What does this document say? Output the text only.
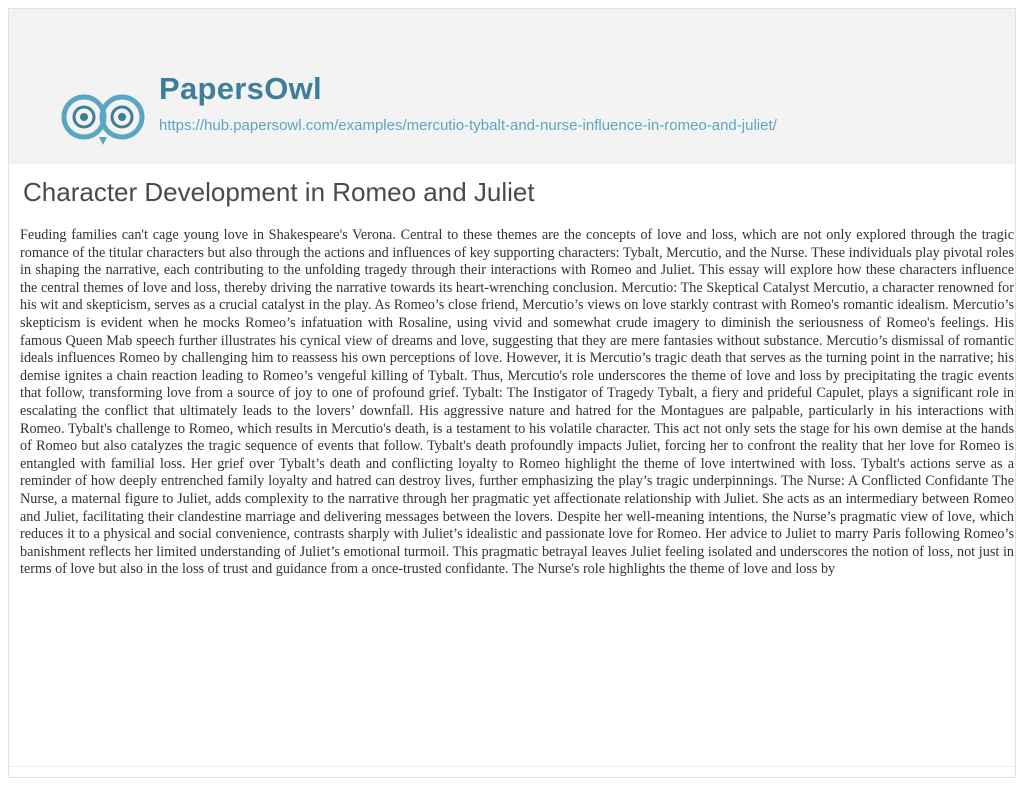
PapersOwl
https://hub.papersowl.com/examples/mercutio-tybalt-and-nurse-influence-in-romeo-and-juliet/
Character Development in Romeo and Juliet

Feuding families can't cage young love in Shakespeare's Verona. Central to these themes are the concepts of love and loss, which are not only explored through the tragic romance of the titular characters but also through the actions and influences of key supporting characters: Tybalt, Mercutio, and the Nurse. These individuals play pivotal roles in shaping the narrative, each contributing to the unfolding tragedy through their interactions with Romeo and Juliet. This essay will explore how these characters influence the central themes of love and loss, thereby driving the narrative towards its heart-wrenching conclusion. Mercutio: The Skeptical Catalyst Mercutio, a character renowned for his wit and skepticism, serves as a crucial catalyst in the play. As Romeo’s close friend, Mercutio’s views on love starkly contrast with Romeo's romantic idealism. Mercutio’s skepticism is evident when he mocks Romeo’s infatuation with Rosaline, using vivid and somewhat crude imagery to diminish the seriousness of Romeo's feelings. His famous Queen Mab speech further illustrates his cynical view of dreams and love, suggesting that they are mere fantasies without substance. Mercutio’s dismissal of romantic ideals influences Romeo by challenging him to reassess his own perceptions of love. However, it is Mercutio’s tragic death that serves as the turning point in the narrative; his demise ignites a chain reaction leading to Romeo’s vengeful killing of Tybalt. Thus, Mercutio's role underscores the theme of love and loss by precipitating the tragic events that follow, transforming love from a source of joy to one of profound grief. Tybalt: The Instigator of Tragedy Tybalt, a fiery and prideful Capulet, plays a significant role in escalating the conflict that ultimately leads to the lovers’ downfall. His aggressive nature and hatred for the Montagues are palpable, particularly in his interactions with Romeo. Tybalt's challenge to Romeo, which results in Mercutio's death, is a testament to his volatile character. This act not only sets the stage for his own demise at the hands of Romeo but also catalyzes the tragic sequence of events that follow. Tybalt's death profoundly impacts Juliet, forcing her to confront the reality that her love for Romeo is entangled with familial loss. Her grief over Tybalt’s death and conflicting loyalty to Romeo highlight the theme of love intertwined with loss. Tybalt's actions serve as a reminder of how deeply entrenched family loyalty and hatred can destroy lives, further emphasizing the play’s tragic underpinnings. The Nurse: A Conflicted Confidante The Nurse, a maternal figure to Juliet, adds complexity to the narrative through her pragmatic yet affectionate relationship with Juliet. She acts as an intermediary between Romeo and Juliet, facilitating their clandestine marriage and delivering messages between the lovers. Despite her well-meaning intentions, the Nurse’s pragmatic view of love, which reduces it to a physical and social convenience, contrasts sharply with Juliet’s idealistic and passionate love for Romeo. Her advice to Juliet to marry Paris following Romeo’s banishment reflects her limited understanding of Juliet’s emotional turmoil. This pragmatic betrayal leaves Juliet feeling isolated and underscores the notion of loss, not just in terms of love but also in the loss of trust and guidance from a once-trusted confidante. The Nurse's role highlights the theme of love and loss by
